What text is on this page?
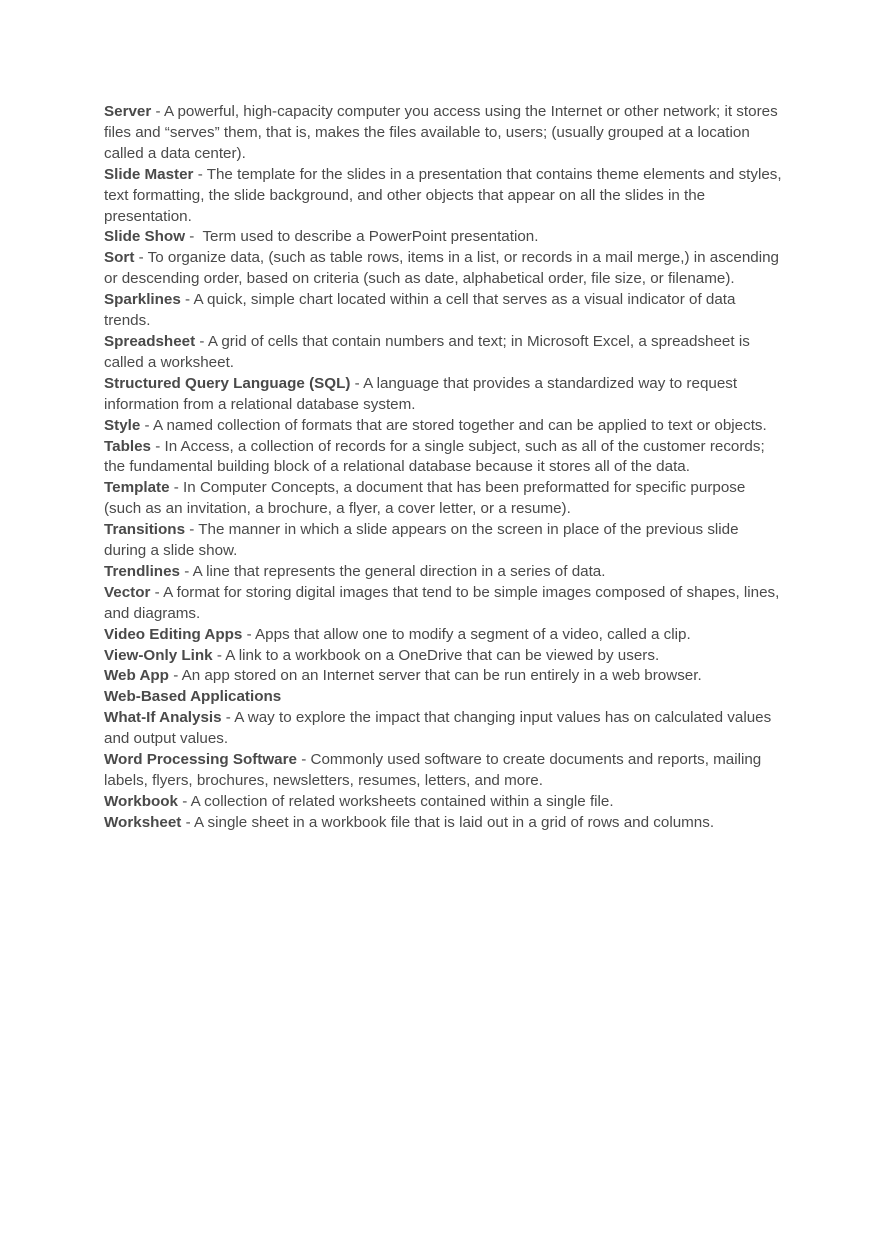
Server - A powerful, high-capacity computer you access using the Internet or other network; it stores files and “serves” them, that is, makes the files available to, users; (usually grouped at a location called a data center).

Slide Master - The template for the slides in a presentation that contains theme elements and styles, text formatting, the slide background, and other objects that appear on all the slides in the presentation.

Slide Show -  Term used to describe a PowerPoint presentation.

Sort - To organize data, (such as table rows, items in a list, or records in a mail merge,) in ascending or descending order, based on criteria (such as date, alphabetical order, file size, or filename).

Sparklines - A quick, simple chart located within a cell that serves as a visual indicator of data trends.

Spreadsheet - A grid of cells that contain numbers and text; in Microsoft Excel, a spreadsheet is called a worksheet.

Structured Query Language (SQL) - A language that provides a standardized way to request information from a relational database system.

Style - A named collection of formats that are stored together and can be applied to text or objects.

Tables - In Access, a collection of records for a single subject, such as all of the customer records; the fundamental building block of a relational database because it stores all of the data.

Template - In Computer Concepts, a document that has been preformatted for specific purpose (such as an invitation, a brochure, a flyer, a cover letter, or a resume).

Transitions - The manner in which a slide appears on the screen in place of the previous slide during a slide show.

Trendlines - A line that represents the general direction in a series of data.

Vector - A format for storing digital images that tend to be simple images composed of shapes, lines, and diagrams.

Video Editing Apps - Apps that allow one to modify a segment of a video, called a clip.

View-Only Link - A link to a workbook on a OneDrive that can be viewed by users.

Web App - An app stored on an Internet server that can be run entirely in a web browser.

Web-Based Applications

What-If Analysis - A way to explore the impact that changing input values has on calculated values and output values.

Word Processing Software - Commonly used software to create documents and reports, mailing labels, flyers, brochures, newsletters, resumes, letters, and more.

Workbook - A collection of related worksheets contained within a single file.

Worksheet - A single sheet in a workbook file that is laid out in a grid of rows and columns.
